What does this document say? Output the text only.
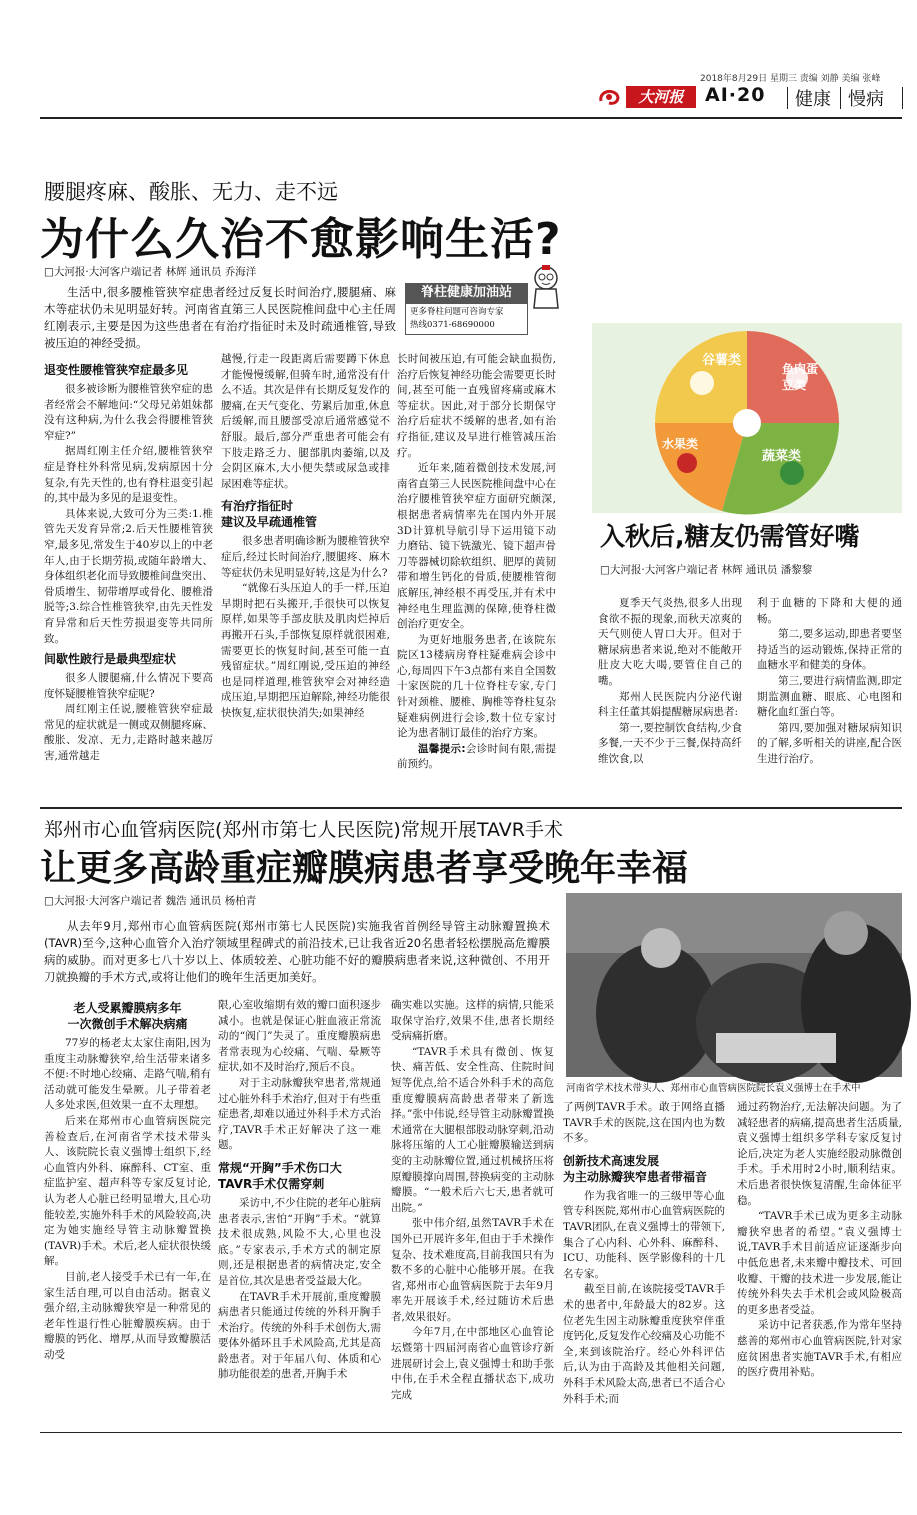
2018年8月29日 星期三 责编 刘静 美编 张峰
大河报	AI·20 健康 慢病
腰腿疼麻、酸胀、无力、走不远
为什么久治不愈影响生活?
□大河报·大河客户端记者 林辉 通讯员 乔海洋
生活中,很多腰椎管狭窄症患者经过反复长时间治疗,腰腿痛、麻木等症状仍未见明显好转。河南省直第三人民医院椎间盘中心主任周红刚表示,主要是因为这些患者在有治疗指征时未及时疏通椎管,导致被压迫的神经受损。
脊柱健康加油站
更多脊柱问题可咨询专家
热线0371-68690000
退变性腰椎管狭窄症最多见

很多被诊断为腰椎管狭窄症的患者经常会不解地问:“父母兄弟姐妹都没有这种病,为什么我会得腰椎管狭窄症?”

据周红刚主任介绍,腰椎管狭窄症是脊柱外科常见病,发病原因十分复杂,有先天性的,也有脊柱退变引起的,其中最为多见的是退变性。

具体来说,大致可分为三类:1.椎管先天发育异常;2.后天性腰椎管狭窄,最多见,常发生于40岁以上的中老年人,由于长期劳损,或随年龄增大、身体组织老化而导致腰椎间盘突出、骨质增生、韧带增厚或骨化、腰椎滑脱等;3.综合性椎管狭窄,由先天性发育异常和后天性劳损退变等共同所致。

间歇性跛行是最典型症状

很多人腰腿痛,什么情况下要高度怀疑腰椎管狭窄症呢?

周红刚主任说,腰椎管狭窄症最常见的症状就是一侧或双侧腿疼麻、酸胀、发凉、无力,走路时越来越厉害,通常越走

越慢,行走一段距离后需要蹲下休息才能慢慢缓解,但骑车时,通常没有什么不适。其次是伴有长期反复发作的腰痛,在天气变化、劳累后加重,休息后缓解,而且腰部受凉后通常感觉不舒服。最后,部分严重患者可能会有下肢走路乏力、腿部肌肉萎缩,以及会阴区麻木,大小便失禁或尿急或排尿困难等症状。

有治疗指征时
建议及早疏通椎管

很多患者明确诊断为腰椎管狭窄症后,经过长时间治疗,腰腿疼、麻木等症状仍未见明显好转,这是为什么?

“就像石头压迫人的手一样,压迫早期时把石头搬开,手很快可以恢复原样,如果等手部皮肤及肌肉烂掉后再搬开石头,手部恢复原样就很困难,需要更长的恢复时间,甚至可能一直残留症状。”周红刚说,受压迫的神经也是同样道理,椎管狭窄会对神经造成压迫,早期把压迫解除,神经功能很快恢复,症状很快消失;如果神经

长时间被压迫,有可能会缺血损伤,治疗后恢复神经功能会需要更长时间,甚至可能一直残留疼痛或麻木等症状。因此,对于部分长期保守治疗后症状不缓解的患者,如有治疗指征,建议及早进行椎管减压治疗。

近年来,随着微创技术发展,河南省直第三人民医院椎间盘中心在治疗腰椎管狭窄症方面研究颇深,根据患者病情率先在国内外开展3D计算机导航引导下运用镜下动力磨钻、镜下铣激光、镜下超声骨刀等器械切除软组织、肥厚的黄韧带和增生钙化的骨质,使腰椎管彻底解压,神经根不再受压,并有术中神经电生理监测的保障,使脊柱微创治疗更安全。

为更好地服务患者,在该院东院区13楼病房脊柱疑难病会诊中心,每周四下午3点都有来自全国数十家医院的几十位脊柱专家,专门针对颈椎、腰椎、胸椎等脊柱复杂疑难病例进行会诊,数十位专家讨论为患者制订最佳的治疗方案。

温馨提示:会诊时间有限,需提前预约。

谷薯类
鱼肉蛋豆类
水果类
蔬菜类
入秋后,糖友仍需管好嘴
□大河报·大河客户端记者 林辉 通讯员 潘黎黎

夏季天气炎热,很多人出现食欲不振的现象,而秋天凉爽的天气则使人胃口大开。但对于糖尿病患者来说,绝对不能敞开肚皮大吃大喝,要管住自己的嘴。

郑州人民医院内分泌代谢科主任董其娟提醒糖尿病患者:

第一,要控制饮食结构,少食多餐,一天不少于三餐,保持高纤维饮食,以

利于血糖的下降和大便的通畅。

第二,要多运动,即患者要坚持适当的运动锻炼,保持正常的血糖水平和健美的身体。

第三,要进行病情监测,即定期监测血糖、眼底、心电图和糖化血红蛋白等。

第四,要加强对糖尿病知识的了解,多听相关的讲座,配合医生进行治疗。

郑州市心血管病医院(郑州市第七人民医院)常规开展TAVR手术
让更多高龄重症瓣膜病患者享受晚年幸福
□大河报·大河客户端记者 魏浩 通讯员 杨柏青
从去年9月,郑州市心血管病医院(郑州市第七人民医院)实施我省首例经导管主动脉瓣置换术(TAVR)至今,这种心血管介入治疗领域里程碑式的前沿技术,已让我省近20名患者轻松摆脱高危瓣膜病的威胁。而对更多七八十岁以上、体质较差、心脏功能不好的瓣膜病患者来说,这种微创、不用开刀就换瓣的手术方式,或将让他们的晚年生活更加美好。
河南省学术技术带头人、郑州市心血管病医院院长袁义强博士在手术中
老人受累瓣膜病多年
一次微创手术解决病痛

77岁的杨老太太家住南阳,因为重度主动脉瓣狭窄,给生活带来诸多不便:不时地心绞痛、走路气喘,稍有活动就可能发生晕厥。儿子带着老人多处求医,但效果一直不太理想。

后来在郑州市心血管病医院完善检查后,在河南省学术技术带头人、该院院长袁义强博士组织下,经心血管内外科、麻醉科、CT室、重症监护室、超声科等专家反复讨论,认为老人心脏已经明显增大,且心功能较差,实施外科手术的风险较高,决定为她实施经导管主动脉瓣置换(TAVR)手术。术后,老人症状很快缓解。

目前,老人接受手术已有一年,在家生活自理,可以自由活动。据袁义强介绍,主动脉瓣狭窄是一种常见的老年性退行性心脏瓣膜疾病。由于瓣膜的钙化、增厚,从而导致瓣膜活动受

限,心室收缩期有效的瓣口面积逐步减小。也就是保证心脏血液正常流动的“阀门”失灵了。重度瓣膜病患者常表现为心绞痛、气喘、晕厥等症状,如不及时治疗,预后不良。

对于主动脉瓣狭窄患者,常规通过心脏外科手术治疗,但对于有些重症患者,却难以通过外科手术方式治疗,TAVR手术正好解决了这一难题。

常规“开胸”手术伤口大
TAVR手术仅需穿刺

采访中,不少住院的老年心脏病患者表示,害怕“开胸”手术。“就算技术很成熟,风险不大,心里也没底。”专家表示,手术方式的制定原则,还是根据患者的病情决定,安全是首位,其次是患者受益最大化。

在TAVR手术开展前,重度瓣膜病患者只能通过传统的外科开胸手术治疗。传统的外科手术创伤大,需要体外循环且手术风险高,尤其是高龄患者。对于年届八旬、体质和心肺功能很差的患者,开胸手术

确实难以实施。这样的病情,只能采取保守治疗,效果不佳,患者长期经受病痛折磨。

“TAVR手术具有微创、恢复快、痛苦低、安全性高、住院时间短等优点,给不适合外科手术的高危重度瓣膜病高龄患者带来了新选择。”张中伟说,经导管主动脉瓣置换术通常在大腿根部股动脉穿刺,沿动脉将压缩的人工心脏瓣膜输送到病变的主动脉瓣位置,通过机械挤压将原瓣膜撑向周围,替换病变的主动脉瓣膜。“一般术后六七天,患者就可出院。”

张中伟介绍,虽然TAVR手术在国外已开展许多年,但由于手术操作复杂、技术难度高,目前我国只有为数不多的心脏中心能够开展。在我省,郑州市心血管病医院于去年9月率先开展该手术,经过随访术后患者,效果很好。

今年7月,在中部地区心血管论坛暨第十四届河南省心血管诊疗新进展研讨会上,袁义强博士和助手张中伟,在手术全程直播状态下,成功完成

了两例TAVR手术。敢于网络直播TAVR手术的医院,这在国内也为数不多。

创新技术高速发展
为主动脉瓣狭窄患者带福音

作为我省唯一的三级甲等心血管专科医院,郑州市心血管病医院的TAVR团队,在袁义强博士的带领下,集合了心内科、心外科、麻醉科、ICU、功能科、医学影像科的十几名专家。

截至目前,在该院接受TAVR手术的患者中,年龄最大的82岁。这位老先生因主动脉瓣重度狭窄伴重度钙化,反复发作心绞痛及心功能不全,来到该院治疗。经心外科评估后,认为由于高龄及其他相关问题,外科手术风险太高,患者已不适合心外科手术;而

通过药物治疗,无法解决问题。为了减轻患者的病痛,提高患者生活质量,袁义强博士组织多学科专家反复讨论后,决定为老人实施经股动脉微创手术。手术用时2小时,顺利结束。术后患者很快恢复清醒,生命体征平稳。

“TAVR手术已成为更多主动脉瓣狭窄患者的希望。”袁义强博士说,TAVR手术目前适应证逐渐步向中低危患者,未来瓣中瓣技术、可回收瓣、干瓣的技术进一步发展,能让传统外科失去手术机会或风险极高的更多患者受益。

采访中记者获悉,作为常年坚持慈善的郑州市心血管病医院,针对家庭贫困患者实施TAVR手术,有相应的医疗费用补贴。
